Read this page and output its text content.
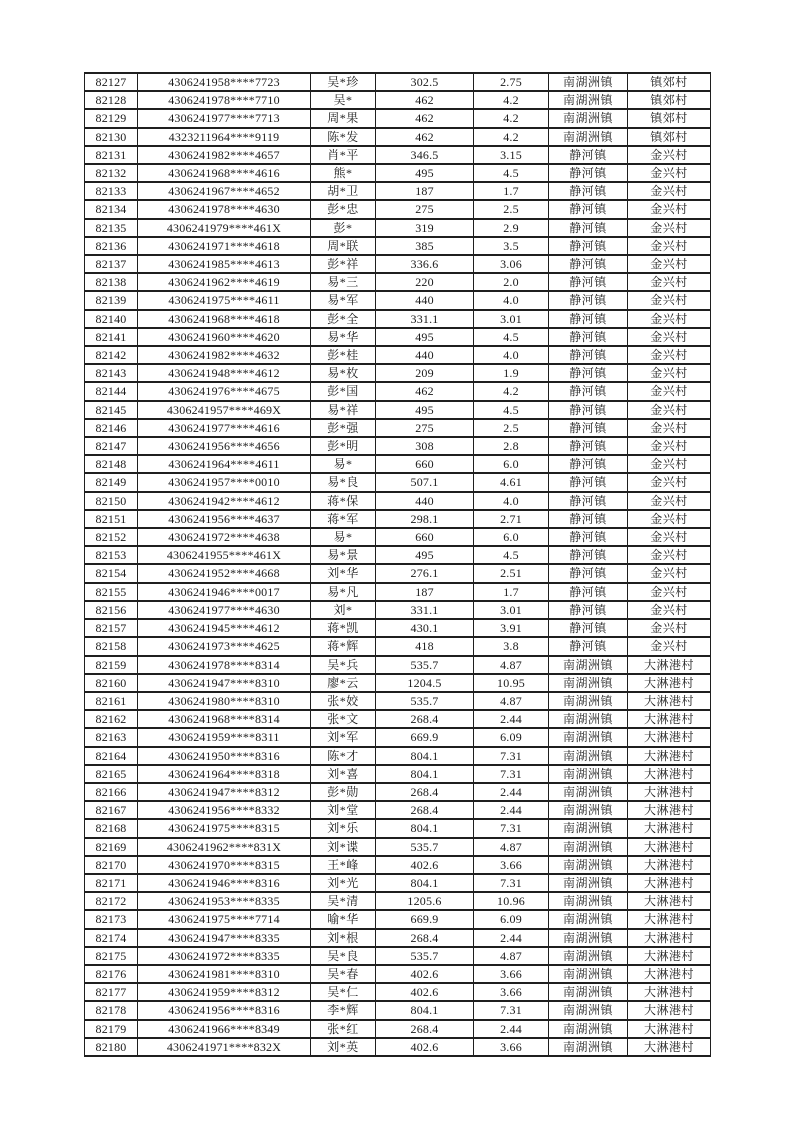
82127	4306241958****7723	吴*珍	302.5	2.75	南湖洲镇	镇郊村
82128	4306241978****7710	吴*	462	4.2	南湖洲镇	镇郊村
82129	4306241977****7713	周*果	462	4.2	南湖洲镇	镇郊村
82130	4323211964****9119	陈*发	462	4.2	南湖洲镇	镇郊村
82131	4306241982****4657	肖*平	346.5	3.15	静河镇	金兴村
82132	4306241968****4616	熊*	495	4.5	静河镇	金兴村
82133	4306241967****4652	胡*卫	187	1.7	静河镇	金兴村
82134	4306241978****4630	彭*忠	275	2.5	静河镇	金兴村
82135	4306241979****461X	彭*	319	2.9	静河镇	金兴村
82136	4306241971****4618	周*联	385	3.5	静河镇	金兴村
82137	4306241985****4613	彭*祥	336.6	3.06	静河镇	金兴村
82138	4306241962****4619	易*三	220	2.0	静河镇	金兴村
82139	4306241975****4611	易*军	440	4.0	静河镇	金兴村
82140	4306241968****4618	彭*全	331.1	3.01	静河镇	金兴村
82141	4306241960****4620	易*华	495	4.5	静河镇	金兴村
82142	4306241982****4632	彭*桂	440	4.0	静河镇	金兴村
82143	4306241948****4612	易*枚	209	1.9	静河镇	金兴村
82144	4306241976****4675	彭*国	462	4.2	静河镇	金兴村
82145	4306241957****469X	易*祥	495	4.5	静河镇	金兴村
82146	4306241977****4616	彭*强	275	2.5	静河镇	金兴村
82147	4306241956****4656	彭*明	308	2.8	静河镇	金兴村
82148	4306241964****4611	易*	660	6.0	静河镇	金兴村
82149	4306241957****0010	易*良	507.1	4.61	静河镇	金兴村
82150	4306241942****4612	蒋*保	440	4.0	静河镇	金兴村
82151	4306241956****4637	蒋*军	298.1	2.71	静河镇	金兴村
82152	4306241972****4638	易*	660	6.0	静河镇	金兴村
82153	4306241955****461X	易*景	495	4.5	静河镇	金兴村
82154	4306241952****4668	刘*华	276.1	2.51	静河镇	金兴村
82155	4306241946****0017	易*凡	187	1.7	静河镇	金兴村
82156	4306241977****4630	刘*	331.1	3.01	静河镇	金兴村
82157	4306241945****4612	蒋*凯	430.1	3.91	静河镇	金兴村
82158	4306241973****4625	蒋*辉	418	3.8	静河镇	金兴村
82159	4306241978****8314	吴*兵	535.7	4.87	南湖洲镇	大淋港村
82160	4306241947****8310	廖*云	1204.5	10.95	南湖洲镇	大淋港村
82161	4306241980****8310	张*姣	535.7	4.87	南湖洲镇	大淋港村
82162	4306241968****8314	张*文	268.4	2.44	南湖洲镇	大淋港村
82163	4306241959****8311	刘*军	669.9	6.09	南湖洲镇	大淋港村
82164	4306241950****8316	陈*才	804.1	7.31	南湖洲镇	大淋港村
82165	4306241964****8318	刘*喜	804.1	7.31	南湖洲镇	大淋港村
82166	4306241947****8312	彭*勋	268.4	2.44	南湖洲镇	大淋港村
82167	4306241956****8332	刘*堂	268.4	2.44	南湖洲镇	大淋港村
82168	4306241975****8315	刘*乐	804.1	7.31	南湖洲镇	大淋港村
82169	4306241962****831X	刘*谍	535.7	4.87	南湖洲镇	大淋港村
82170	4306241970****8315	王*峰	402.6	3.66	南湖洲镇	大淋港村
82171	4306241946****8316	刘*光	804.1	7.31	南湖洲镇	大淋港村
82172	4306241953****8335	吴*清	1205.6	10.96	南湖洲镇	大淋港村
82173	4306241975****7714	喻*华	669.9	6.09	南湖洲镇	大淋港村
82174	4306241947****8335	刘*根	268.4	2.44	南湖洲镇	大淋港村
82175	4306241972****8335	吴*良	535.7	4.87	南湖洲镇	大淋港村
82176	4306241981****8310	吴*春	402.6	3.66	南湖洲镇	大淋港村
82177	4306241959****8312	吴*仁	402.6	3.66	南湖洲镇	大淋港村
82178	4306241956****8316	李*辉	804.1	7.31	南湖洲镇	大淋港村
82179	4306241966****8349	张*红	268.4	2.44	南湖洲镇	大淋港村
82180	4306241971****832X	刘*英	402.6	3.66	南湖洲镇	大淋港村
